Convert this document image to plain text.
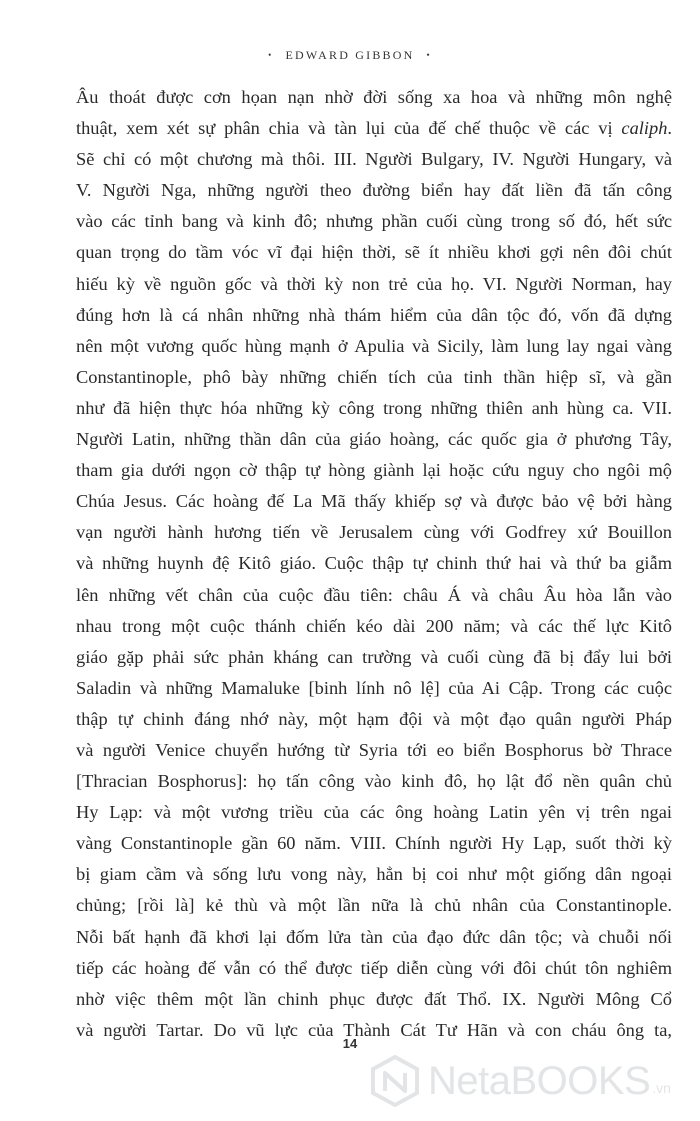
• EDWARD GIBBON •
Âu thoát được cơn họan nạn nhờ đời sống xa hoa và những môn nghệ
thuật, xem xét sự phân chia và tàn lụi của đế chế thuộc về các vị caliph.
Sẽ chỉ có một chương mà thôi. III. Người Bulgary, IV. Người Hungary, và
V. Người Nga, những người theo đường biển hay đất liền đã tấn công
vào các tỉnh bang và kinh đô; nhưng phần cuối cùng trong số đó, hết sức
quan trọng do tầm vóc vĩ đại hiện thời, sẽ ít nhiều khơi gợi nên đôi chút
hiếu kỳ về nguồn gốc và thời kỳ non trẻ của họ. VI. Người Norman, hay
đúng hơn là cá nhân những nhà thám hiểm của dân tộc đó, vốn đã dựng
nên một vương quốc hùng mạnh ở Apulia và Sicily, làm lung lay ngai vàng
Constantinople, phô bày những chiến tích của tinh thần hiệp sĩ, và gần
như đã hiện thực hóa những kỳ công trong những thiên anh hùng ca. VII.
Người Latin, những thần dân của giáo hoàng, các quốc gia ở phương Tây,
tham gia dưới ngọn cờ thập tự hòng giành lại hoặc cứu nguy cho ngôi mộ
Chúa Jesus. Các hoàng đế La Mã thấy khiếp sợ và được bảo vệ bởi hàng
vạn người hành hương tiến về Jerusalem cùng với Godfrey xứ Bouillon
và những huynh đệ Kitô giáo. Cuộc thập tự chinh thứ hai và thứ ba giẫm
lên những vết chân của cuộc đầu tiên: châu Á và châu Âu hòa lẫn vào
nhau trong một cuộc thánh chiến kéo dài 200 năm; và các thế lực Kitô
giáo gặp phải sức phản kháng can trường và cuối cùng đã bị đẩy lui bởi
Saladin và những Mamaluke [binh lính nô lệ] của Ai Cập. Trong các cuộc
thập tự chinh đáng nhớ này, một hạm đội và một đạo quân người Pháp
và người Venice chuyển hướng từ Syria tới eo biển Bosphorus bờ Thrace
[Thracian Bosphorus]: họ tấn công vào kinh đô, họ lật đổ nền quân chủ
Hy Lạp: và một vương triều của các ông hoàng Latin yên vị trên ngai
vàng Constantinople gần 60 năm. VIII. Chính người Hy Lạp, suốt thời kỳ
bị giam cầm và sống lưu vong này, hẳn bị coi như một giống dân ngoại
chủng; [rồi là] kẻ thù và một lần nữa là chủ nhân của Constantinople.
Nỗi bất hạnh đã khơi lại đốm lửa tàn của đạo đức dân tộc; và chuỗi nối
tiếp các hoàng đế vẫn có thể được tiếp diễn cùng với đôi chút tôn nghiêm
nhờ việc thêm một lần chinh phục được đất Thổ. IX. Người Mông Cổ
và người Tartar. Do vũ lực của Thành Cát Tư Hãn và con cháu ông ta,
14
NetaBOOKS .vn
